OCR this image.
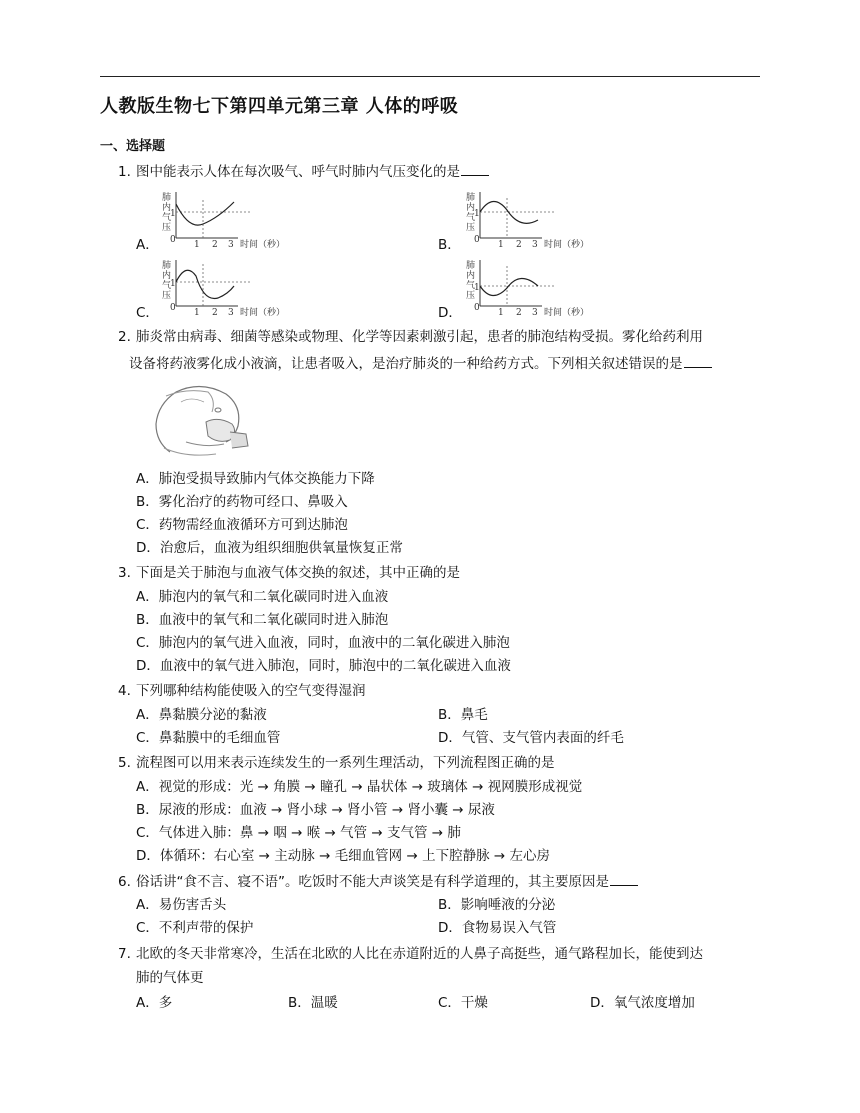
人教版生物七下第四单元第三章 人体的呼吸
一、选择题
1. 图中能表示人体在每次吸气、呼气时肺内气压变化的是
A．	B．
C．	D．
1
0 1 2 3 时间（秒）
肺内气压
1
0 1 2 3 时间（秒）
肺内气压
1
0 1 2 3 时间（秒）
肺内气压
1
0 1 2 3 时间（秒）
肺内气压
2. 肺炎常由病毒、细菌等感染或物理、化学等因素刺激引起，患者的肺泡结构受损。雾化给药利用
设备将药液雾化成小液滴，让患者吸入，是治疗肺炎的一种给药方式。下列相关叙述错误的是
A．肺泡受损导致肺内气体交换能力下降
B．雾化治疗的药物可经口、鼻吸入
C．药物需经血液循环方可到达肺泡
D．治愈后，血液为组织细胞供氧量恢复正常
3. 下面是关于肺泡与血液气体交换的叙述，其中正确的是
A．肺泡内的氧气和二氧化碳同时进入血液
B．血液中的氧气和二氧化碳同时进入肺泡
C．肺泡内的氧气进入血液，同时，血液中的二氧化碳进入肺泡
D．血液中的氧气进入肺泡，同时，肺泡中的二氧化碳进入血液
4. 下列哪种结构能使吸入的空气变得湿润
A．鼻黏膜分泌的黏液	B．鼻毛
C．鼻黏膜中的毛细血管	D．气管、支气管内表面的纤毛
5. 流程图可以用来表示连续发生的一系列生理活动，下列流程图正确的是
A．视觉的形成：光 → 角膜 → 瞳孔 → 晶状体 → 玻璃体 → 视网膜形成视觉
B．尿液的形成：血液 → 肾小球 → 肾小管 → 肾小囊 → 尿液
C．气体进入肺：鼻 → 咽 → 喉 → 气管 → 支气管 → 肺
D．体循环：右心室 → 主动脉 → 毛细血管网 → 上下腔静脉 → 左心房
6. 俗话讲“食不言、寝不语”。吃饭时不能大声谈笑是有科学道理的，其主要原因是
A．易伤害舌头	B．影响唾液的分泌
C．不利声带的保护	D．食物易误入气管
7. 北欧的冬天非常寒冷，生活在北欧的人比在赤道附近的人鼻子高挺些，通气路程加长，能使到达
肺的气体更
A．多	B．温暖	C．干燥	D．氧气浓度增加
